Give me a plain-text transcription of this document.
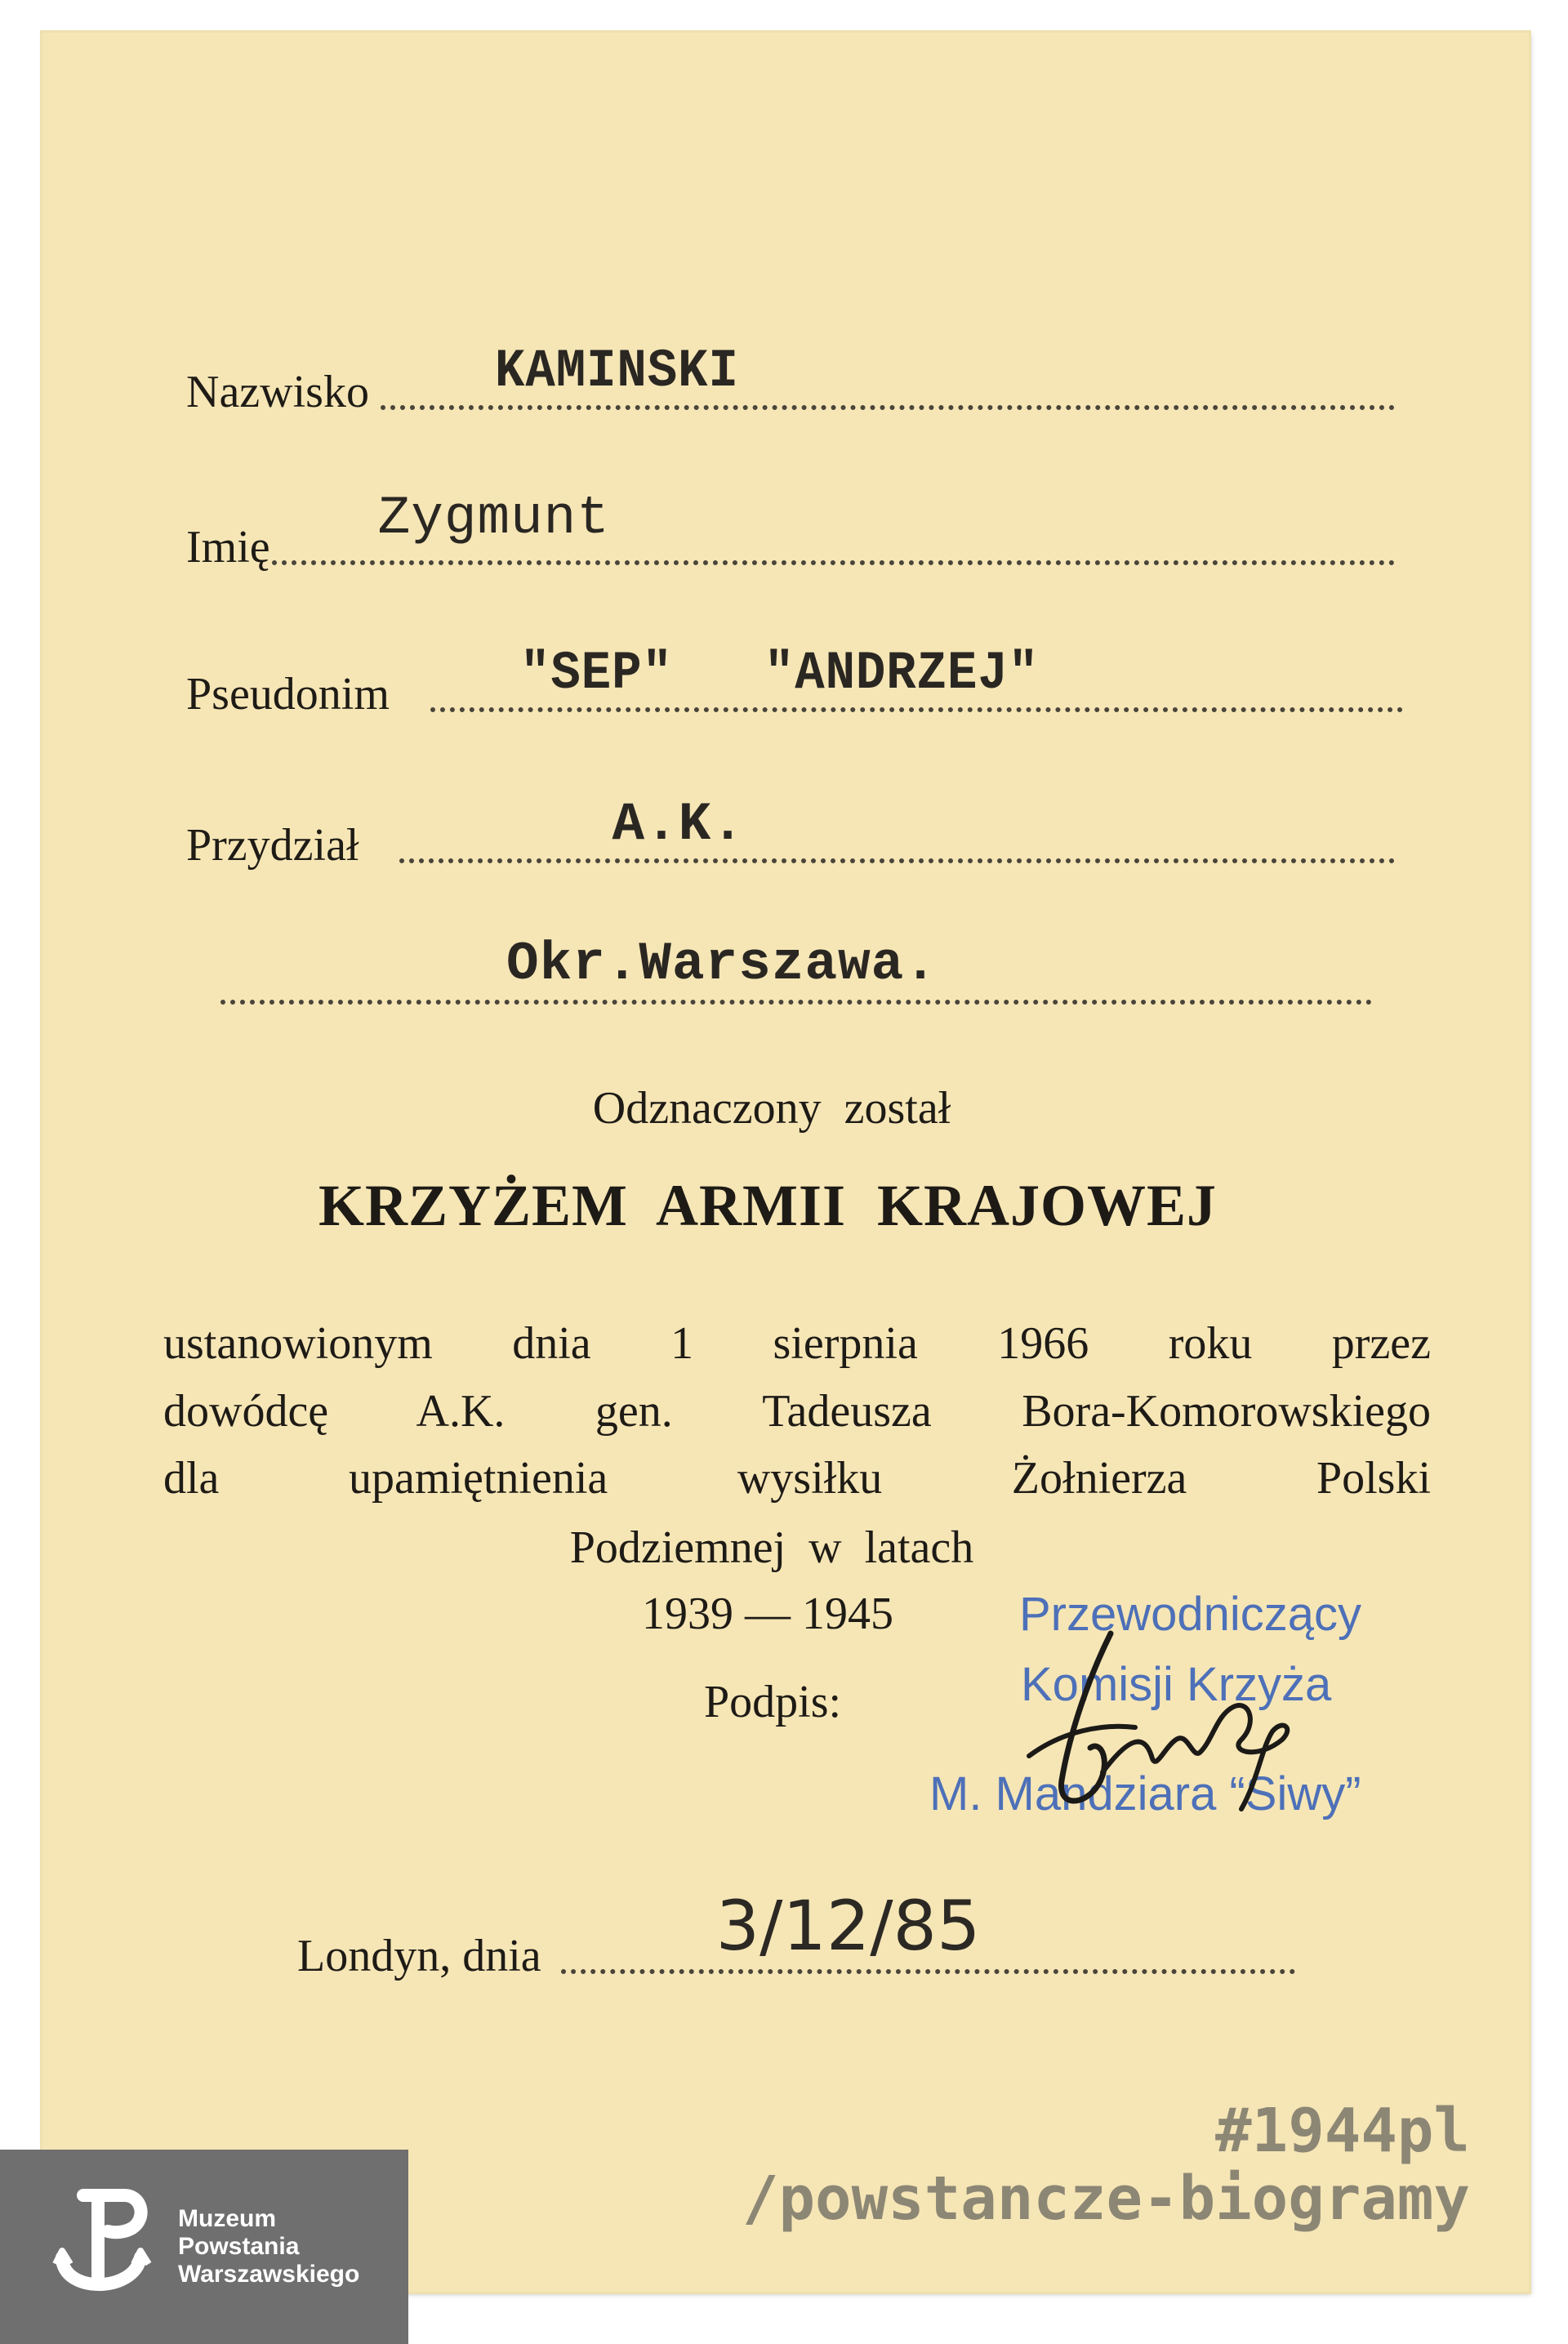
Nazwisko KAMINSKI
Imię Zygmunt
Pseudonim "SEP"   "ANDRZEJ"
Przydział	A.K.
Okr.Warszawa.
Odznaczony  został
KRZYŻEM  ARMII  KRAJOWEJ
ustanowionym dnia 1 sierpnia 1966 roku przez
dowódcę A.K. gen. Tadeusza Bora-Komorowskiego
dla upamiętnienia wysiłku Żołnierza Polski
Podziemnej  w  latach
1939 — 1945
Podpis:
Przewodniczący
Komisji Krzyża
M. Mandziara “Siwy”
Londyn, dnia	3/12/85
#1944pl
/powstancze-biogramy
Muzeum
Powstania
Warszawskiego
